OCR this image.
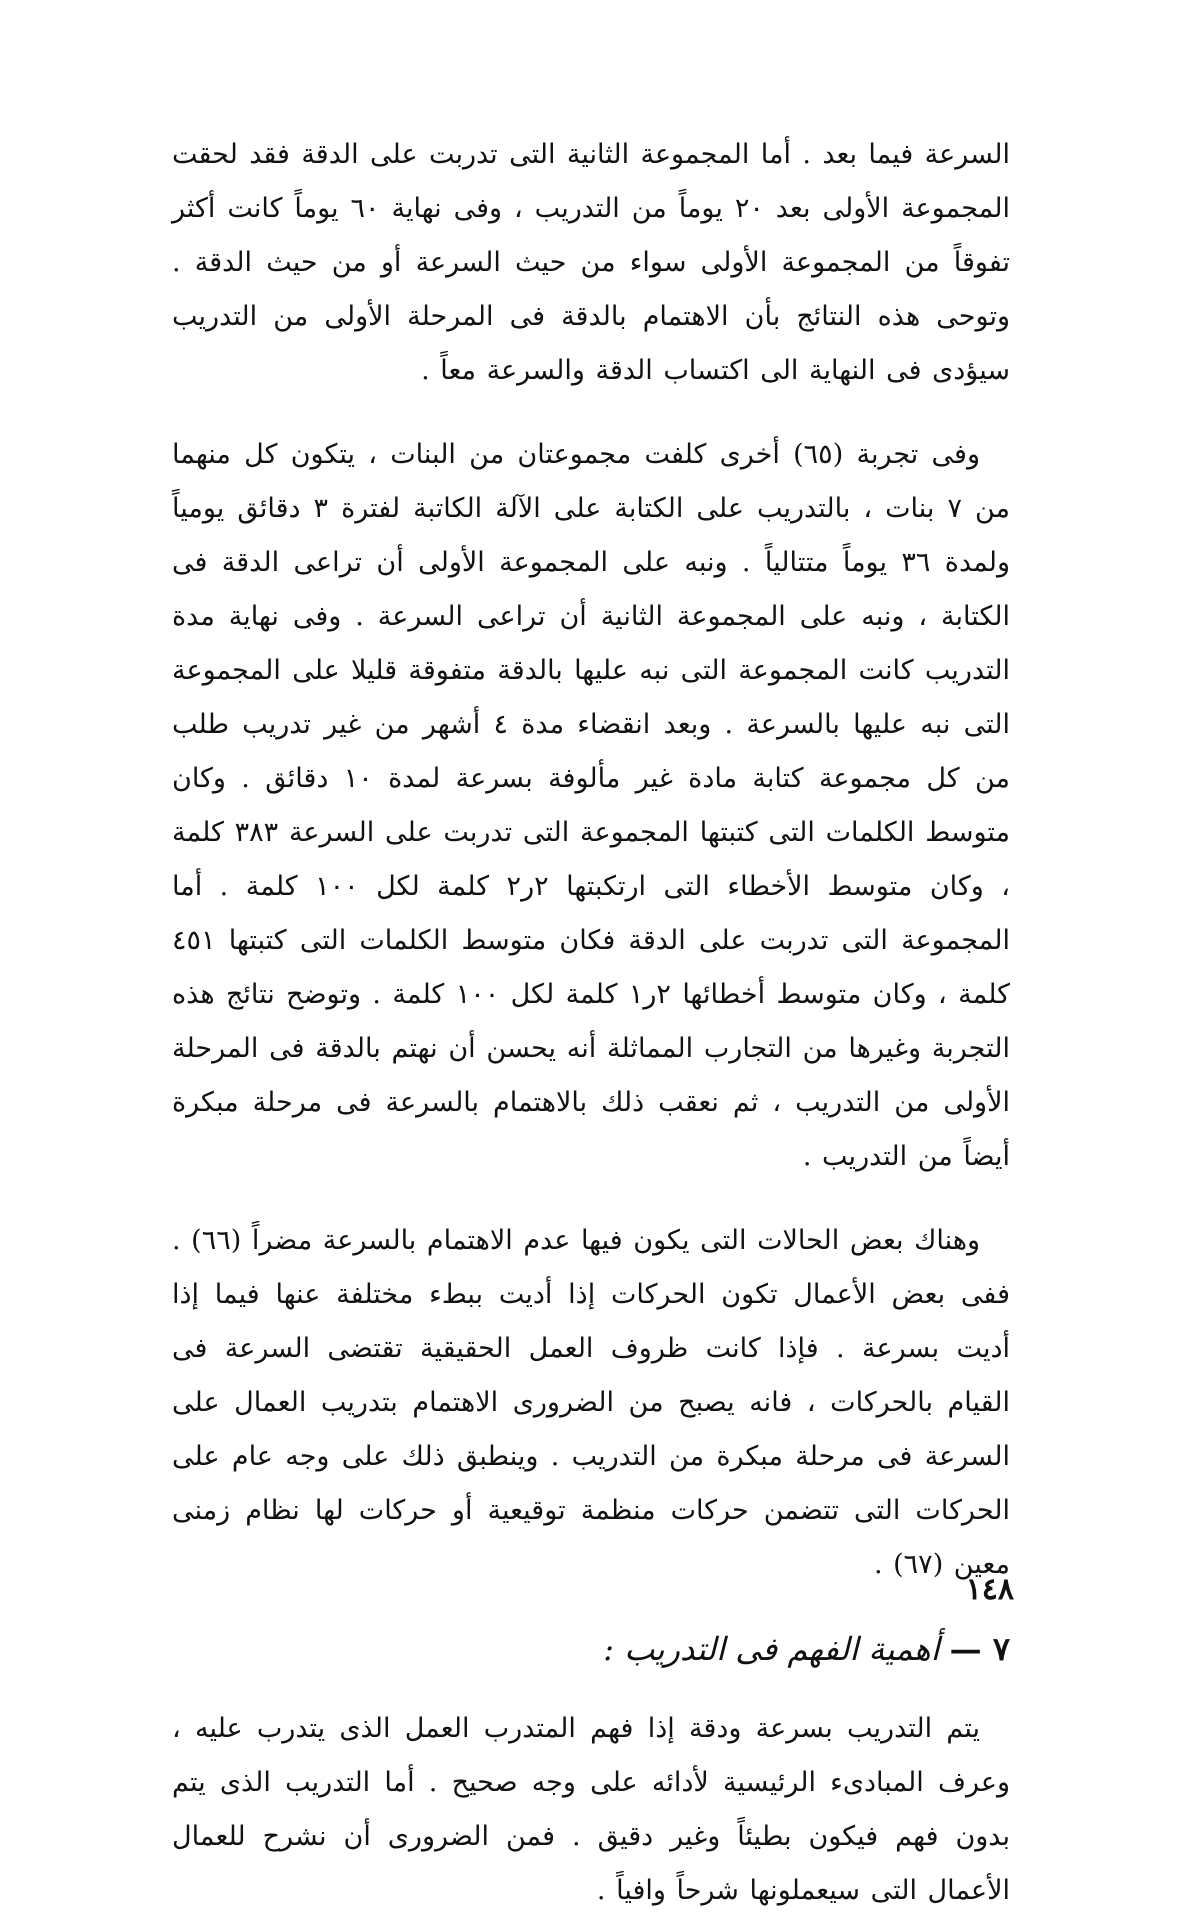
السرعة فيما بعد . أما المجموعة الثانية التى تدربت على الدقة فقد لحقت المجموعة الأولى بعد ٢٠ يوماً من التدريب ، وفى نهاية ٦٠ يوماً كانت أكثر تفوقاً من المجموعة الأولى سواء من حيث السرعة أو من حيث الدقة . وتوحى هذه النتائج بأن الاهتمام بالدقة فى المرحلة الأولى من التدريب سيؤدى فى النهاية الى اكتساب الدقة والسرعة معاً .

وفى تجربة (٦٥) أخرى كلفت مجموعتان من البنات ، يتكون كل منهما من ٧ بنات ، بالتدريب على الكتابة على الآلة الكاتبة لفترة ٣ دقائق يومياً ولمدة ٣٦ يوماً متتالياً . ونبه على المجموعة الأولى أن تراعى الدقة فى الكتابة ، ونبه على المجموعة الثانية أن تراعى السرعة . وفى نهاية مدة التدريب كانت المجموعة التى نبه عليها بالدقة متفوقة قليلا على المجموعة التى نبه عليها بالسرعة . وبعد انقضاء مدة ٤ أشهر من غير تدريب طلب من كل مجموعة كتابة مادة غير مألوفة بسرعة لمدة ١٠ دقائق . وكان متوسط الكلمات التى كتبتها المجموعة التى تدربت على السرعة ٣٨٣ كلمة ، وكان متوسط الأخطاء التى ارتكبتها ٢ر٢ كلمة لكل ١٠٠ كلمة . أما المجموعة التى تدربت على الدقة فكان متوسط الكلمات التى كتبتها ٤٥١ كلمة ، وكان متوسط أخطائها ٢ر١ كلمة لكل ١٠٠ كلمة . وتوضح نتائج هذه التجربة وغيرها من التجارب المماثلة أنه يحسن أن نهتم بالدقة فى المرحلة الأولى من التدريب ، ثم نعقب ذلك بالاهتمام بالسرعة فى مرحلة مبكرة أيضاً من التدريب .

وهناك بعض الحالات التى يكون فيها عدم الاهتمام بالسرعة مضراً (٦٦) . ففى بعض الأعمال تكون الحركات إذا أديت ببطء مختلفة عنها فيما إذا أديت بسرعة . فإذا كانت ظروف العمل الحقيقية تقتضى السرعة فى القيام بالحركات ، فانه يصبح من الضرورى الاهتمام بتدريب العمال على السرعة فى مرحلة مبكرة من التدريب . وينطبق ذلك على وجه عام على الحركات التى تتضمن حركات منظمة توقيعية أو حركات لها نظام زمنى معين (٦٧) .

٧ — أهمية الفهم فى التدريب :

يتم التدريب بسرعة ودقة إذا فهم المتدرب العمل الذى يتدرب عليه ، وعرف المبادىء الرئيسية لأدائه على وجه صحيح . أما التدريب الذى يتم بدون فهم فيكون بطيئاً وغير دقيق . فمن الضرورى أن نشرح للعمال الأعمال التى سيعملونها شرحاً وافياً .

١٤٨
